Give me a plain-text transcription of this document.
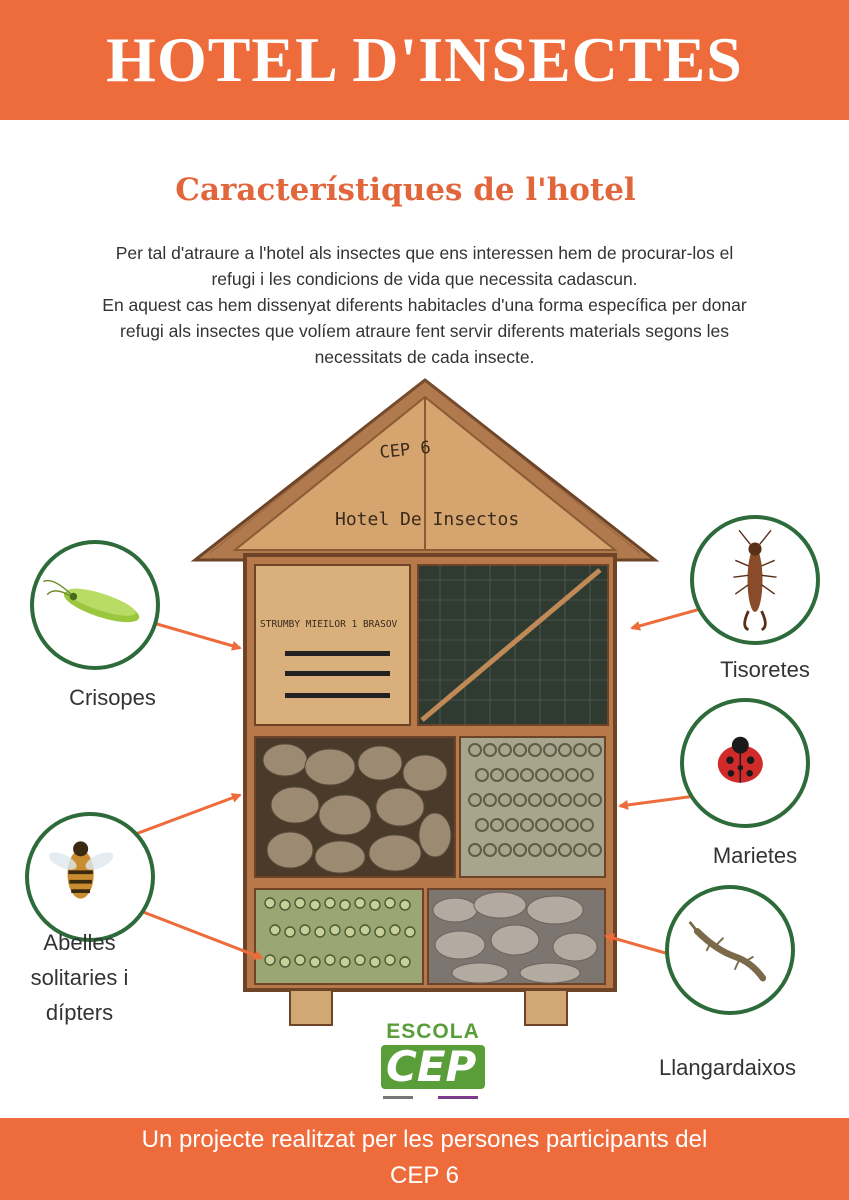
HOTEL D'INSECTES
Característiques de l'hotel

Per tal d'atraure a l'hotel als insectes que ens interessen hem de procurar-los el

refugi i les condicions de vida que necessita cadascun.

En aquest cas hem dissenyat diferents habitacles d'una forma específica per donar

refugi als insectes que volíem atraure fent servir diferents materials segons les

necessitats de cada insecte.

CEP 6
Hotel De Insectos
STRUMBY MIEILOR 1 BRASOV
Crisopes
Tisoretes
Marietes
Abelles
solitaries i
dípters
Llangardaixos
ESCOLA
CEP

Un projecte realitzat per les persones participants del

CEP 6
